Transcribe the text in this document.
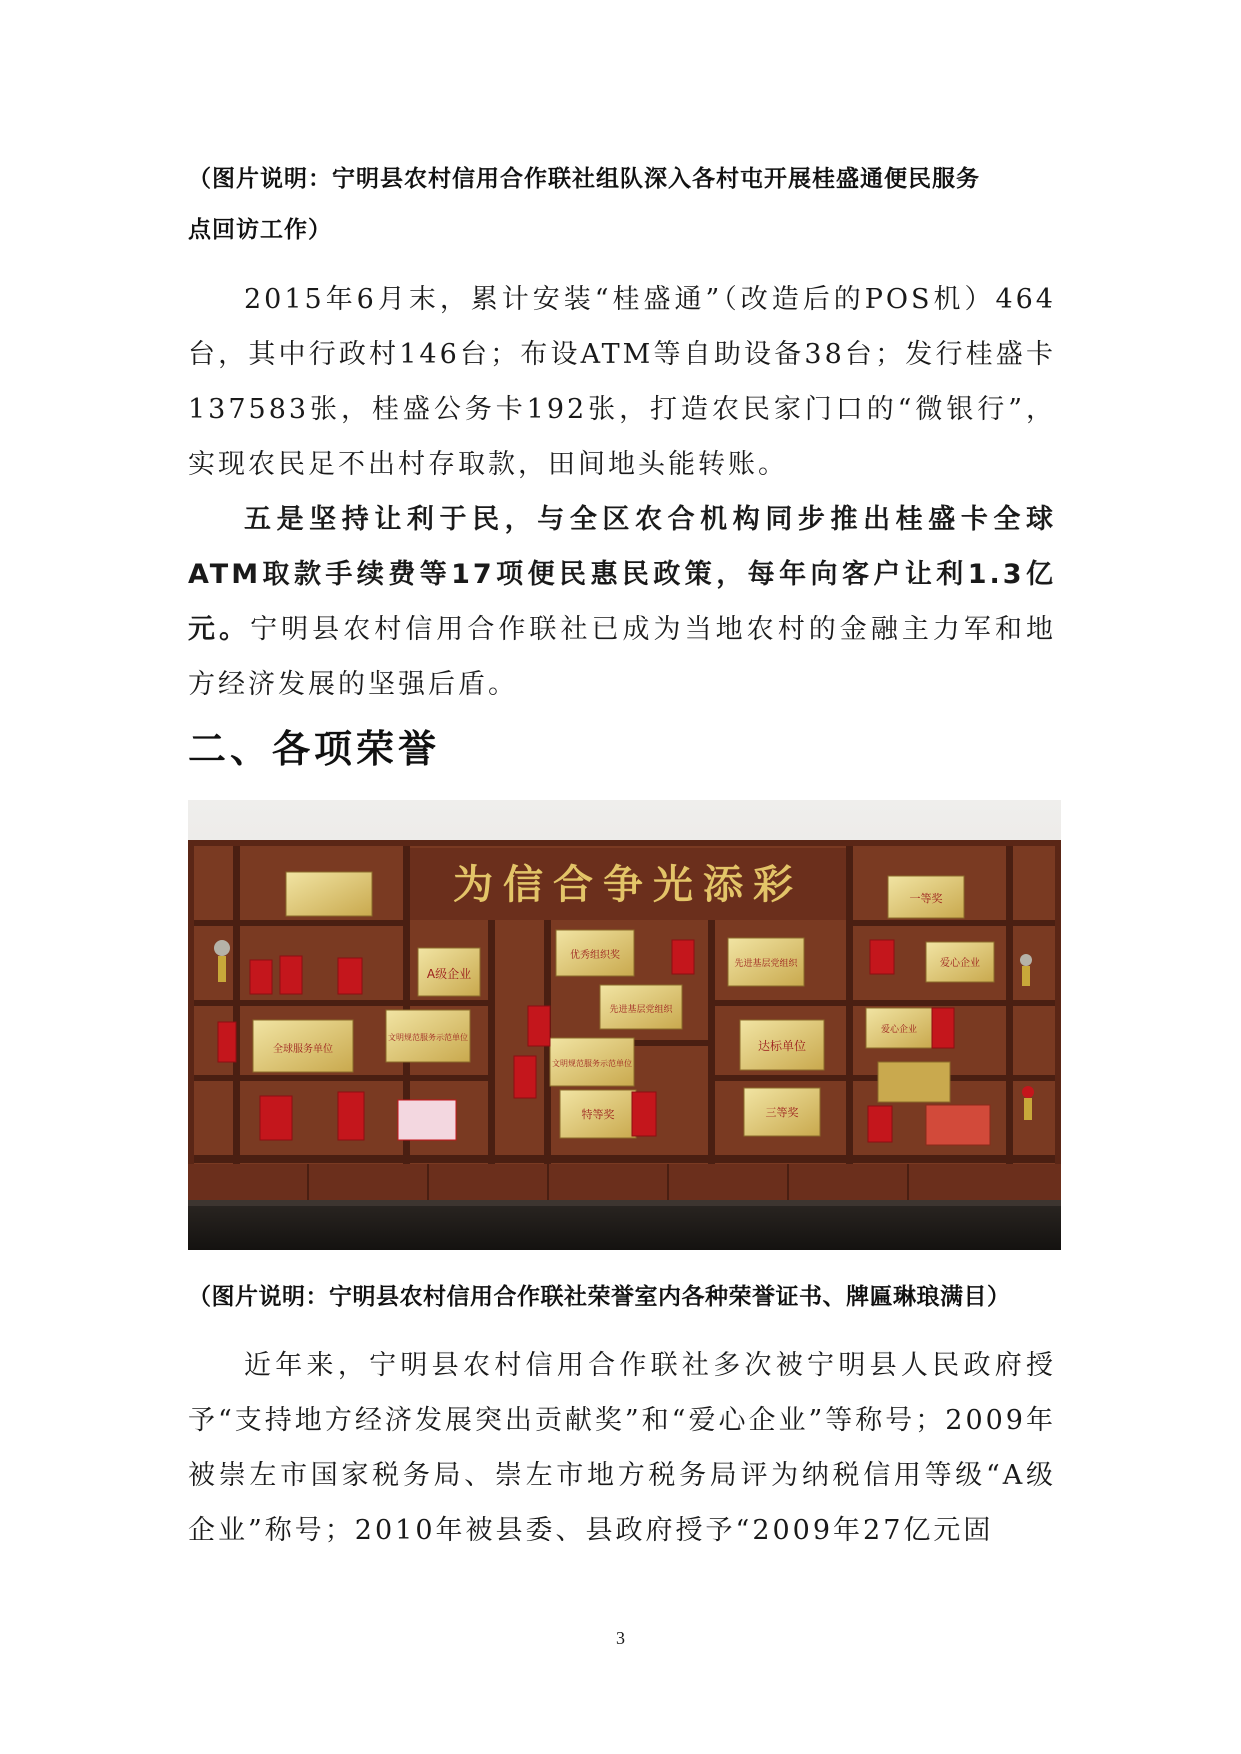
（图片说明：宁明县农村信用合作联社组队深入各村屯开展桂盛通便民服务
点回访工作）

2015年6月末，累计安装“桂盛通”（改造后的POS机）464台，其中行政村146台；布设ATM等自助设备38台；发行桂盛卡137583张，桂盛公务卡192张，打造农民家门口的“微银行”，实现农民足不出村存取款，田间地头能转账。

五是坚持让利于民，与全区农合机构同步推出桂盛卡全球ATM取款手续费等17项便民惠民政策，每年向客户让利1.3亿元。宁明县农村信用合作联社已成为当地农村的金融主力军和地方经济发展的坚强后盾。

二、各项荣誉
为信合争光添彩
A级企业
全球服务单位
文明规范服务示范单位
优秀组织奖
先进基层党组织
先进基层党组织
文明规范服务示范单位
达标单位
特等奖	三等奖
一等奖
爱心企业
爱心企业
（图片说明：宁明县农村信用合作联社荣誉室内各种荣誉证书、牌匾琳琅满目）

近年来，宁明县农村信用合作联社多次被宁明县人民政府授予“支持地方经济发展突出贡献奖”和“爱心企业”等称号；2009年被崇左市国家税务局、崇左市地方税务局评为纳税信用等级“A级企业”称号；2010年被县委、县政府授予“2009年27亿元固

3
